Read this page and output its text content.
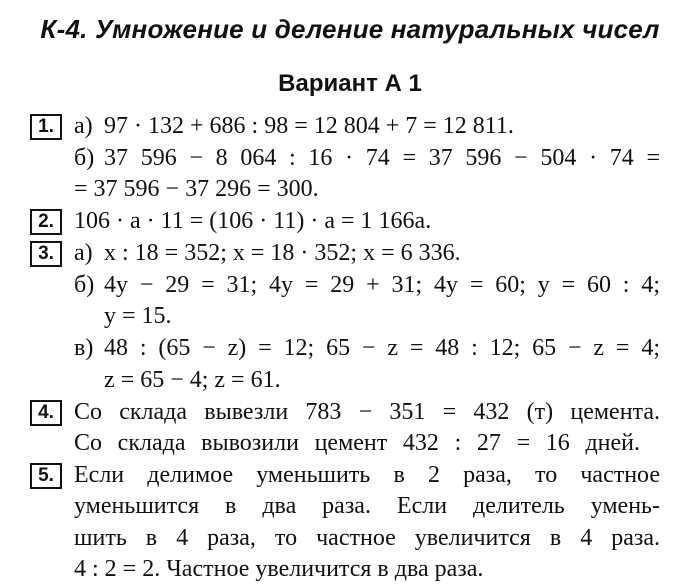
К-4. Умножение и деление натуральных чисел
Вариант А 1
1. а) 97 · 132 + 686 : 98 = 12 804 + 7 = 12 811.
б) 37 596 − 8 064 : 16 · 74 = 37 596 − 504 · 74 =
= 37 596 − 37 296 = 300.
2. 106 · a · 11 = (106 · 11) · a = 1 166a.
3. а) x : 18 = 352; x = 18 · 352; x = 6 336.
б) 4y − 29 = 31; 4y = 29 + 31; 4y = 60; y = 60 : 4;
y = 15.
в) 48 : (65 − z) = 12; 65 − z = 48 : 12; 65 − z = 4;
z = 65 − 4; z = 61.
4. Со склада вывезли 783 − 351 = 432 (т) цемента.
Со склада вывозили цемент 432 : 27 = 16 дней.
5. Если делимое уменьшить в 2 раза, то частное
уменьшится в два раза. Если делитель умень-
шить в 4 раза, то частное увеличится в 4 раза.
4 : 2 = 2. Частное увеличится в два раза.
